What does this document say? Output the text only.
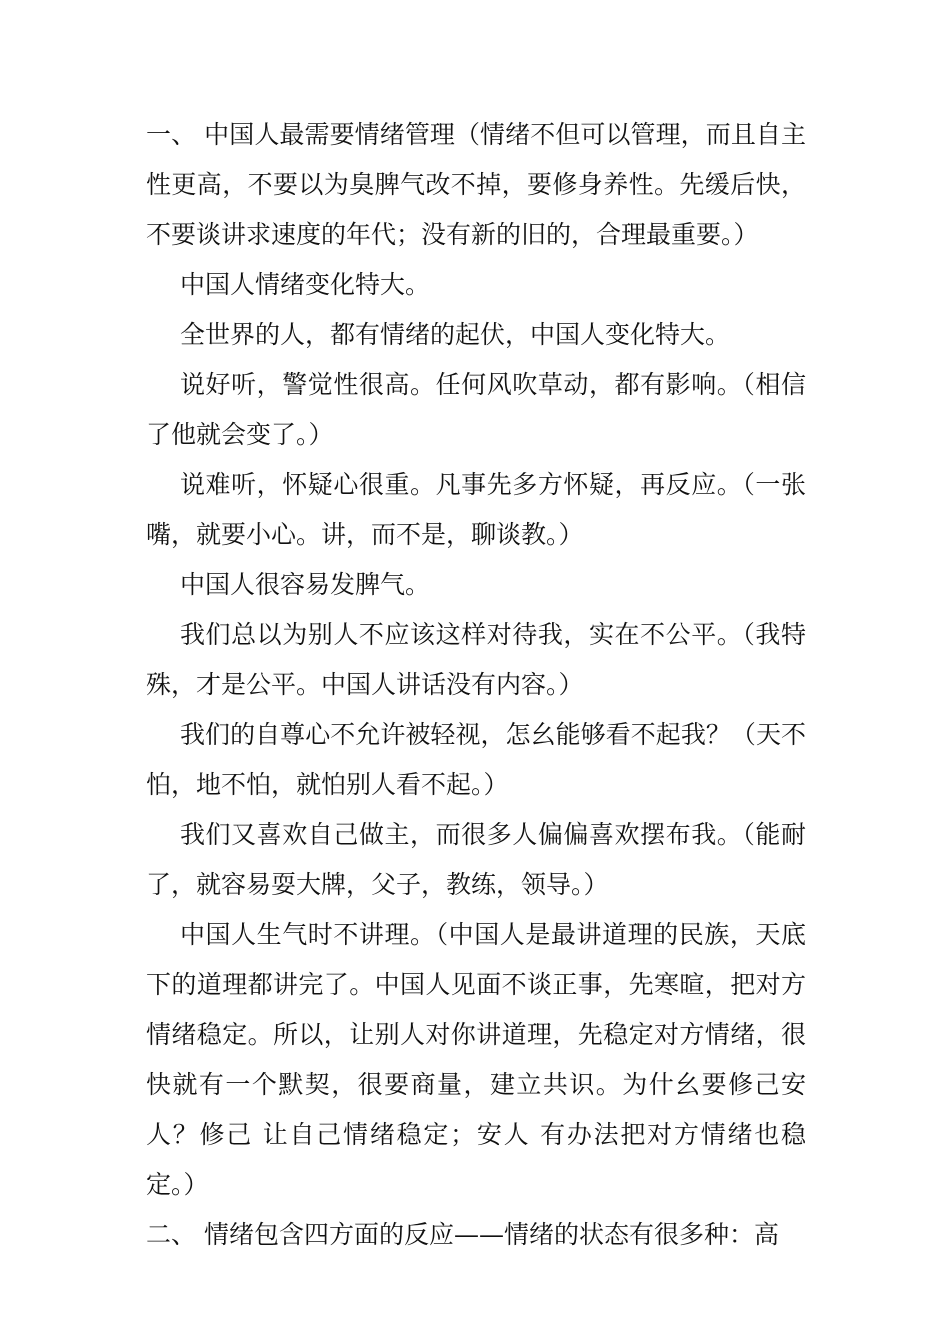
一、 中国人最需要情绪管理（情绪不但可以管理，而且自主性更高，不要以为臭脾气改不掉，要修身养性。先缓后快，不要谈讲求速度的年代；没有新的旧的，合理最重要。）

中国人情绪变化特大。

全世界的人，都有情绪的起伏，中国人变化特大。

说好听，警觉性很高。任何风吹草动，都有影响。（相信了他就会变了。）

说难听，怀疑心很重。凡事先多方怀疑，再反应。（一张嘴，就要小心。讲，而不是，聊谈教。）

中国人很容易发脾气。

我们总以为别人不应该这样对待我，实在不公平。（我特殊，才是公平。中国人讲话没有内容。）

我们的自尊心不允许被轻视，怎幺能够看不起我？（天不怕，地不怕，就怕别人看不起。）

我们又喜欢自己做主，而很多人偏偏喜欢摆布我。（能耐了，就容易耍大牌，父子，教练，领导。）

中国人生气时不讲理。（中国人是最讲道理的民族，天底下的道理都讲完了。中国人见面不谈正事，先寒暄，把对方情绪稳定。所以，让别人对你讲道理，先稳定对方情绪，很快就有一个默契，很要商量，建立共识。为什幺要修己安人？修己 让自己情绪稳定；安人 有办法把对方情绪也稳定。）

二、 情绪包含四方面的反应——情绪的状态有很多种：高
